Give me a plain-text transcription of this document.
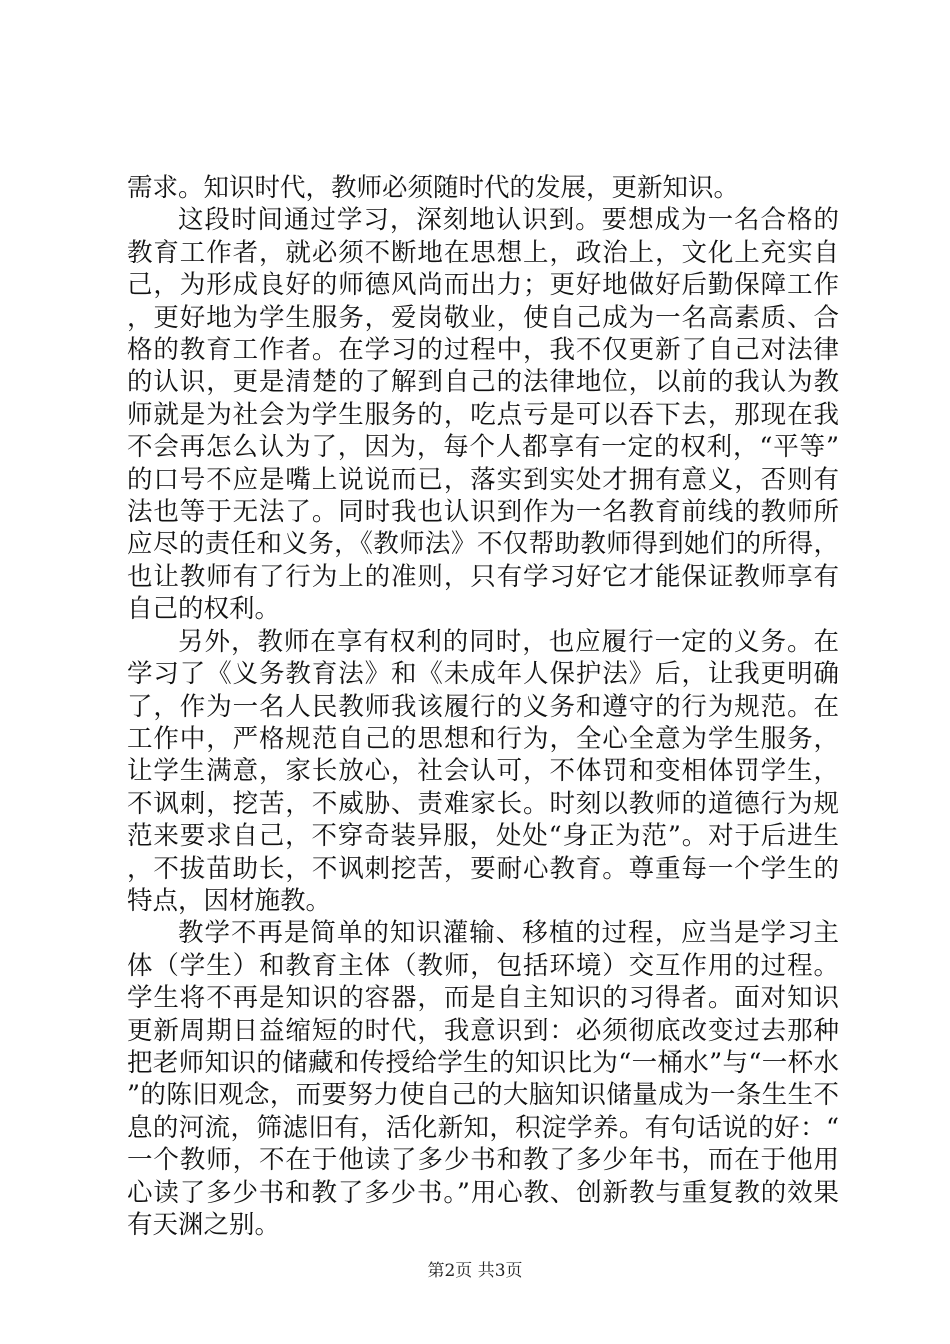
需求。知识时代，教师必须随时代的发展，更新知识。

这段时间通过学习，深刻地认识到。要想成为一名合格的教育工作者，就必须不断地在思想上，政治上，文化上充实自己，为形成良好的师德风尚而出力；更好地做好后勤保障工作，更好地为学生服务，爱岗敬业，使自己成为一名高素质、合格的教育工作者。在学习的过程中，我不仅更新了自己对法律的认识，更是清楚的了解到自己的法律地位，以前的我认为教师就是为社会为学生服务的，吃点亏是可以吞下去，那现在我不会再怎么认为了，因为，每个人都享有一定的权利，“平等”的口号不应是嘴上说说而已，落实到实处才拥有意义，否则有法也等于无法了。同时我也认识到作为一名教育前线的教师所应尽的责任和义务，《教师法》不仅帮助教师得到她们的所得，也让教师有了行为上的准则，只有学习好它才能保证教师享有自己的权利。

另外，教师在享有权利的同时，也应履行一定的义务。在学习了《义务教育法》和《未成年人保护法》后，让我更明确了，作为一名人民教师我该履行的义务和遵守的行为规范。在工作中，严格规范自己的思想和行为，全心全意为学生服务，让学生满意，家长放心，社会认可，不体罚和变相体罚学生，不讽刺，挖苦，不威胁、责难家长。时刻以教师的道德行为规范来要求自己，不穿奇装异服，处处“身正为范”。对于后进生，不拔苗助长，不讽刺挖苦，要耐心教育。尊重每一个学生的特点，因材施教。

教学不再是简单的知识灌输、移植的过程，应当是学习主体（学生）和教育主体（教师，包括环境）交互作用的过程。学生将不再是知识的容器，而是自主知识的习得者。面对知识更新周期日益缩短的时代，我意识到：必须彻底改变过去那种把老师知识的储藏和传授给学生的知识比为“一桶水”与“一杯水”的陈旧观念，而要努力使自己的大脑知识储量成为一条生生不息的河流，筛滤旧有，活化新知，积淀学养。有句话说的好：“一个教师，不在于他读了多少书和教了多少年书，而在于他用心读了多少书和教了多少书。”用心教、创新教与重复教的效果有天渊之别。

第2页 共3页
